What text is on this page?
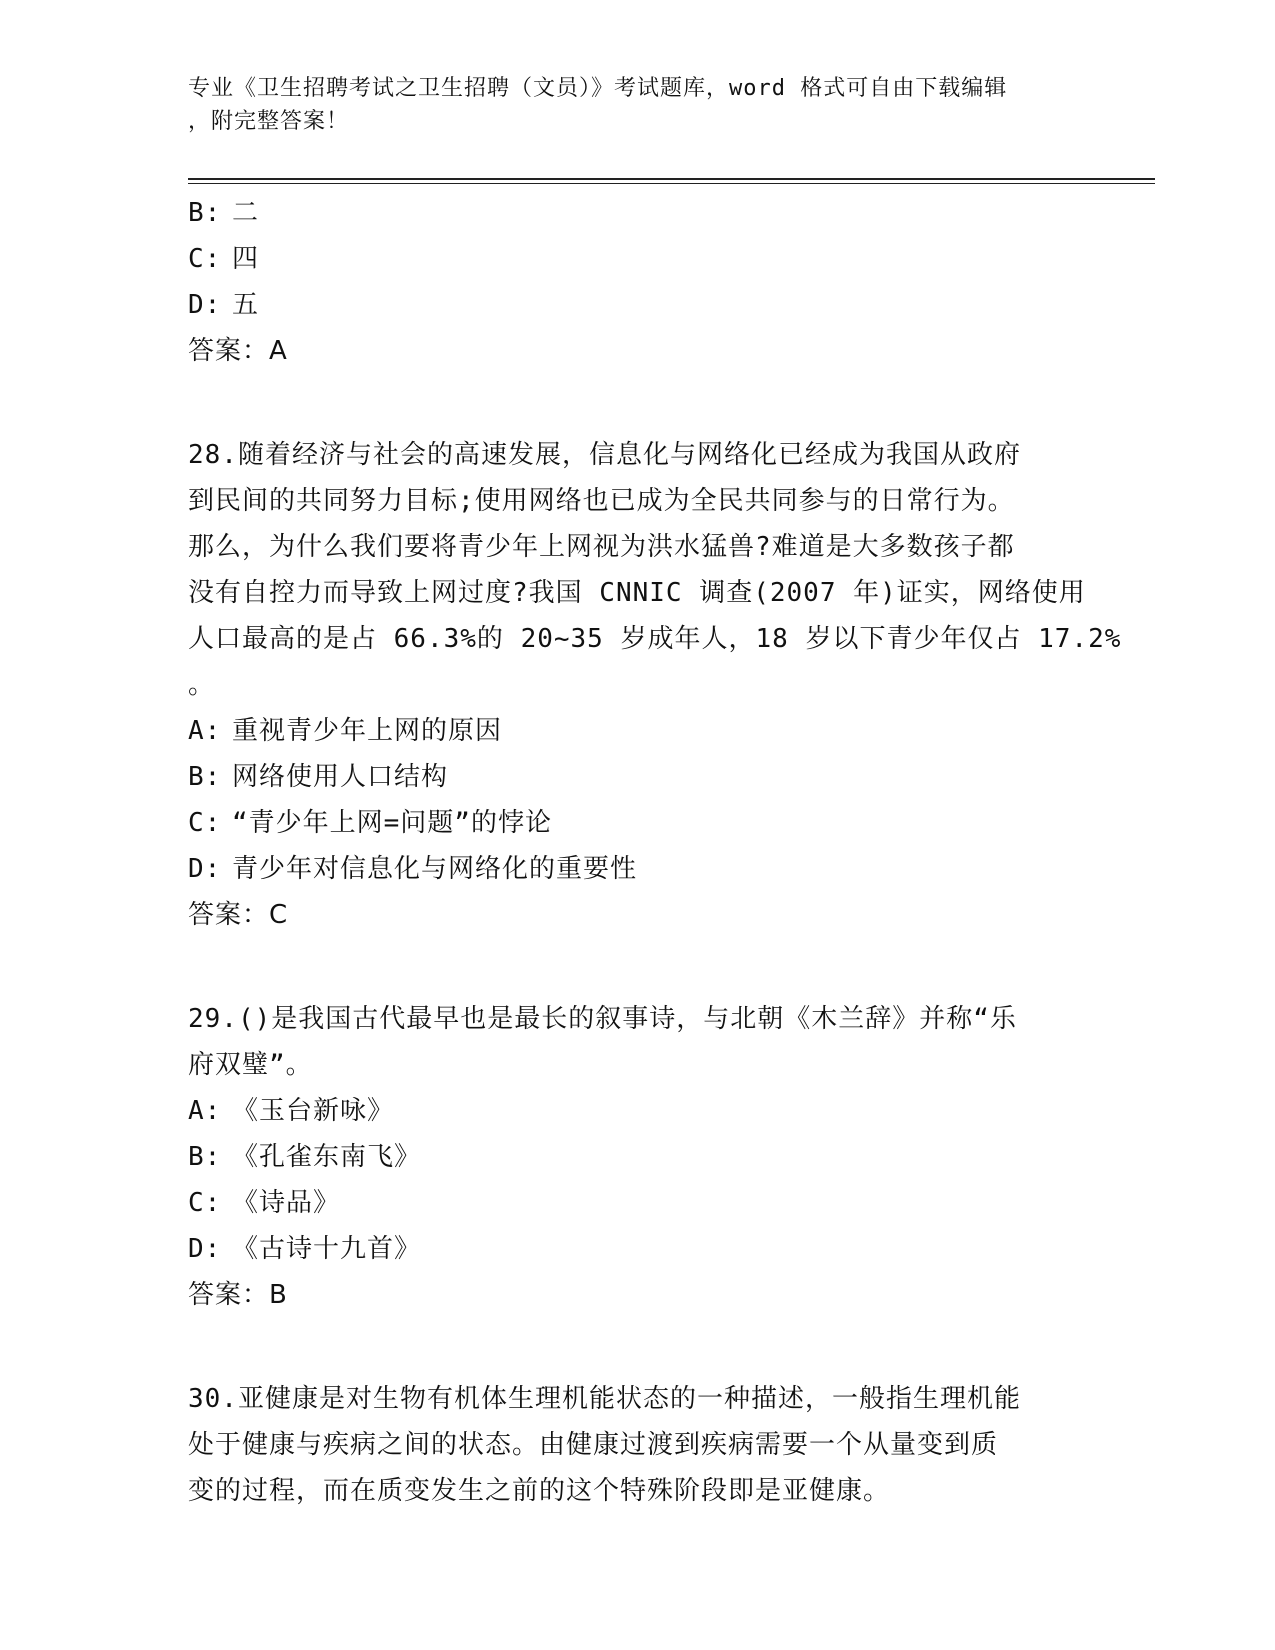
专业《卫生招聘考试之卫生招聘（文员）》考试题库，word 格式可自由下载编辑
，附完整答案！
B: 二
C: 四
D: 五
答案：A
28.随着经济与社会的高速发展，信息化与网络化已经成为我国从政府
到民间的共同努力目标;使用网络也已成为全民共同参与的日常行为。
那么，为什么我们要将青少年上网视为洪水猛兽?难道是大多数孩子都
没有自控力而导致上网过度?我国 CNNIC 调查(2007 年)证实，网络使用
人口最高的是占 66.3%的 20~35 岁成年人，18 岁以下青少年仅占 17.2%
。
A: 重视青少年上网的原因
B: 网络使用人口结构
C: “青少年上网=问题”的悖论
D: 青少年对信息化与网络化的重要性
答案：C
29.()是我国古代最早也是最长的叙事诗，与北朝《木兰辞》并称“乐
府双璧”。
A: 《玉台新咏》
B: 《孔雀东南飞》
C: 《诗品》
D: 《古诗十九首》
答案：B
30.亚健康是对生物有机体生理机能状态的一种描述，一般指生理机能
处于健康与疾病之间的状态。由健康过渡到疾病需要一个从量变到质
变的过程，而在质变发生之前的这个特殊阶段即是亚健康。
